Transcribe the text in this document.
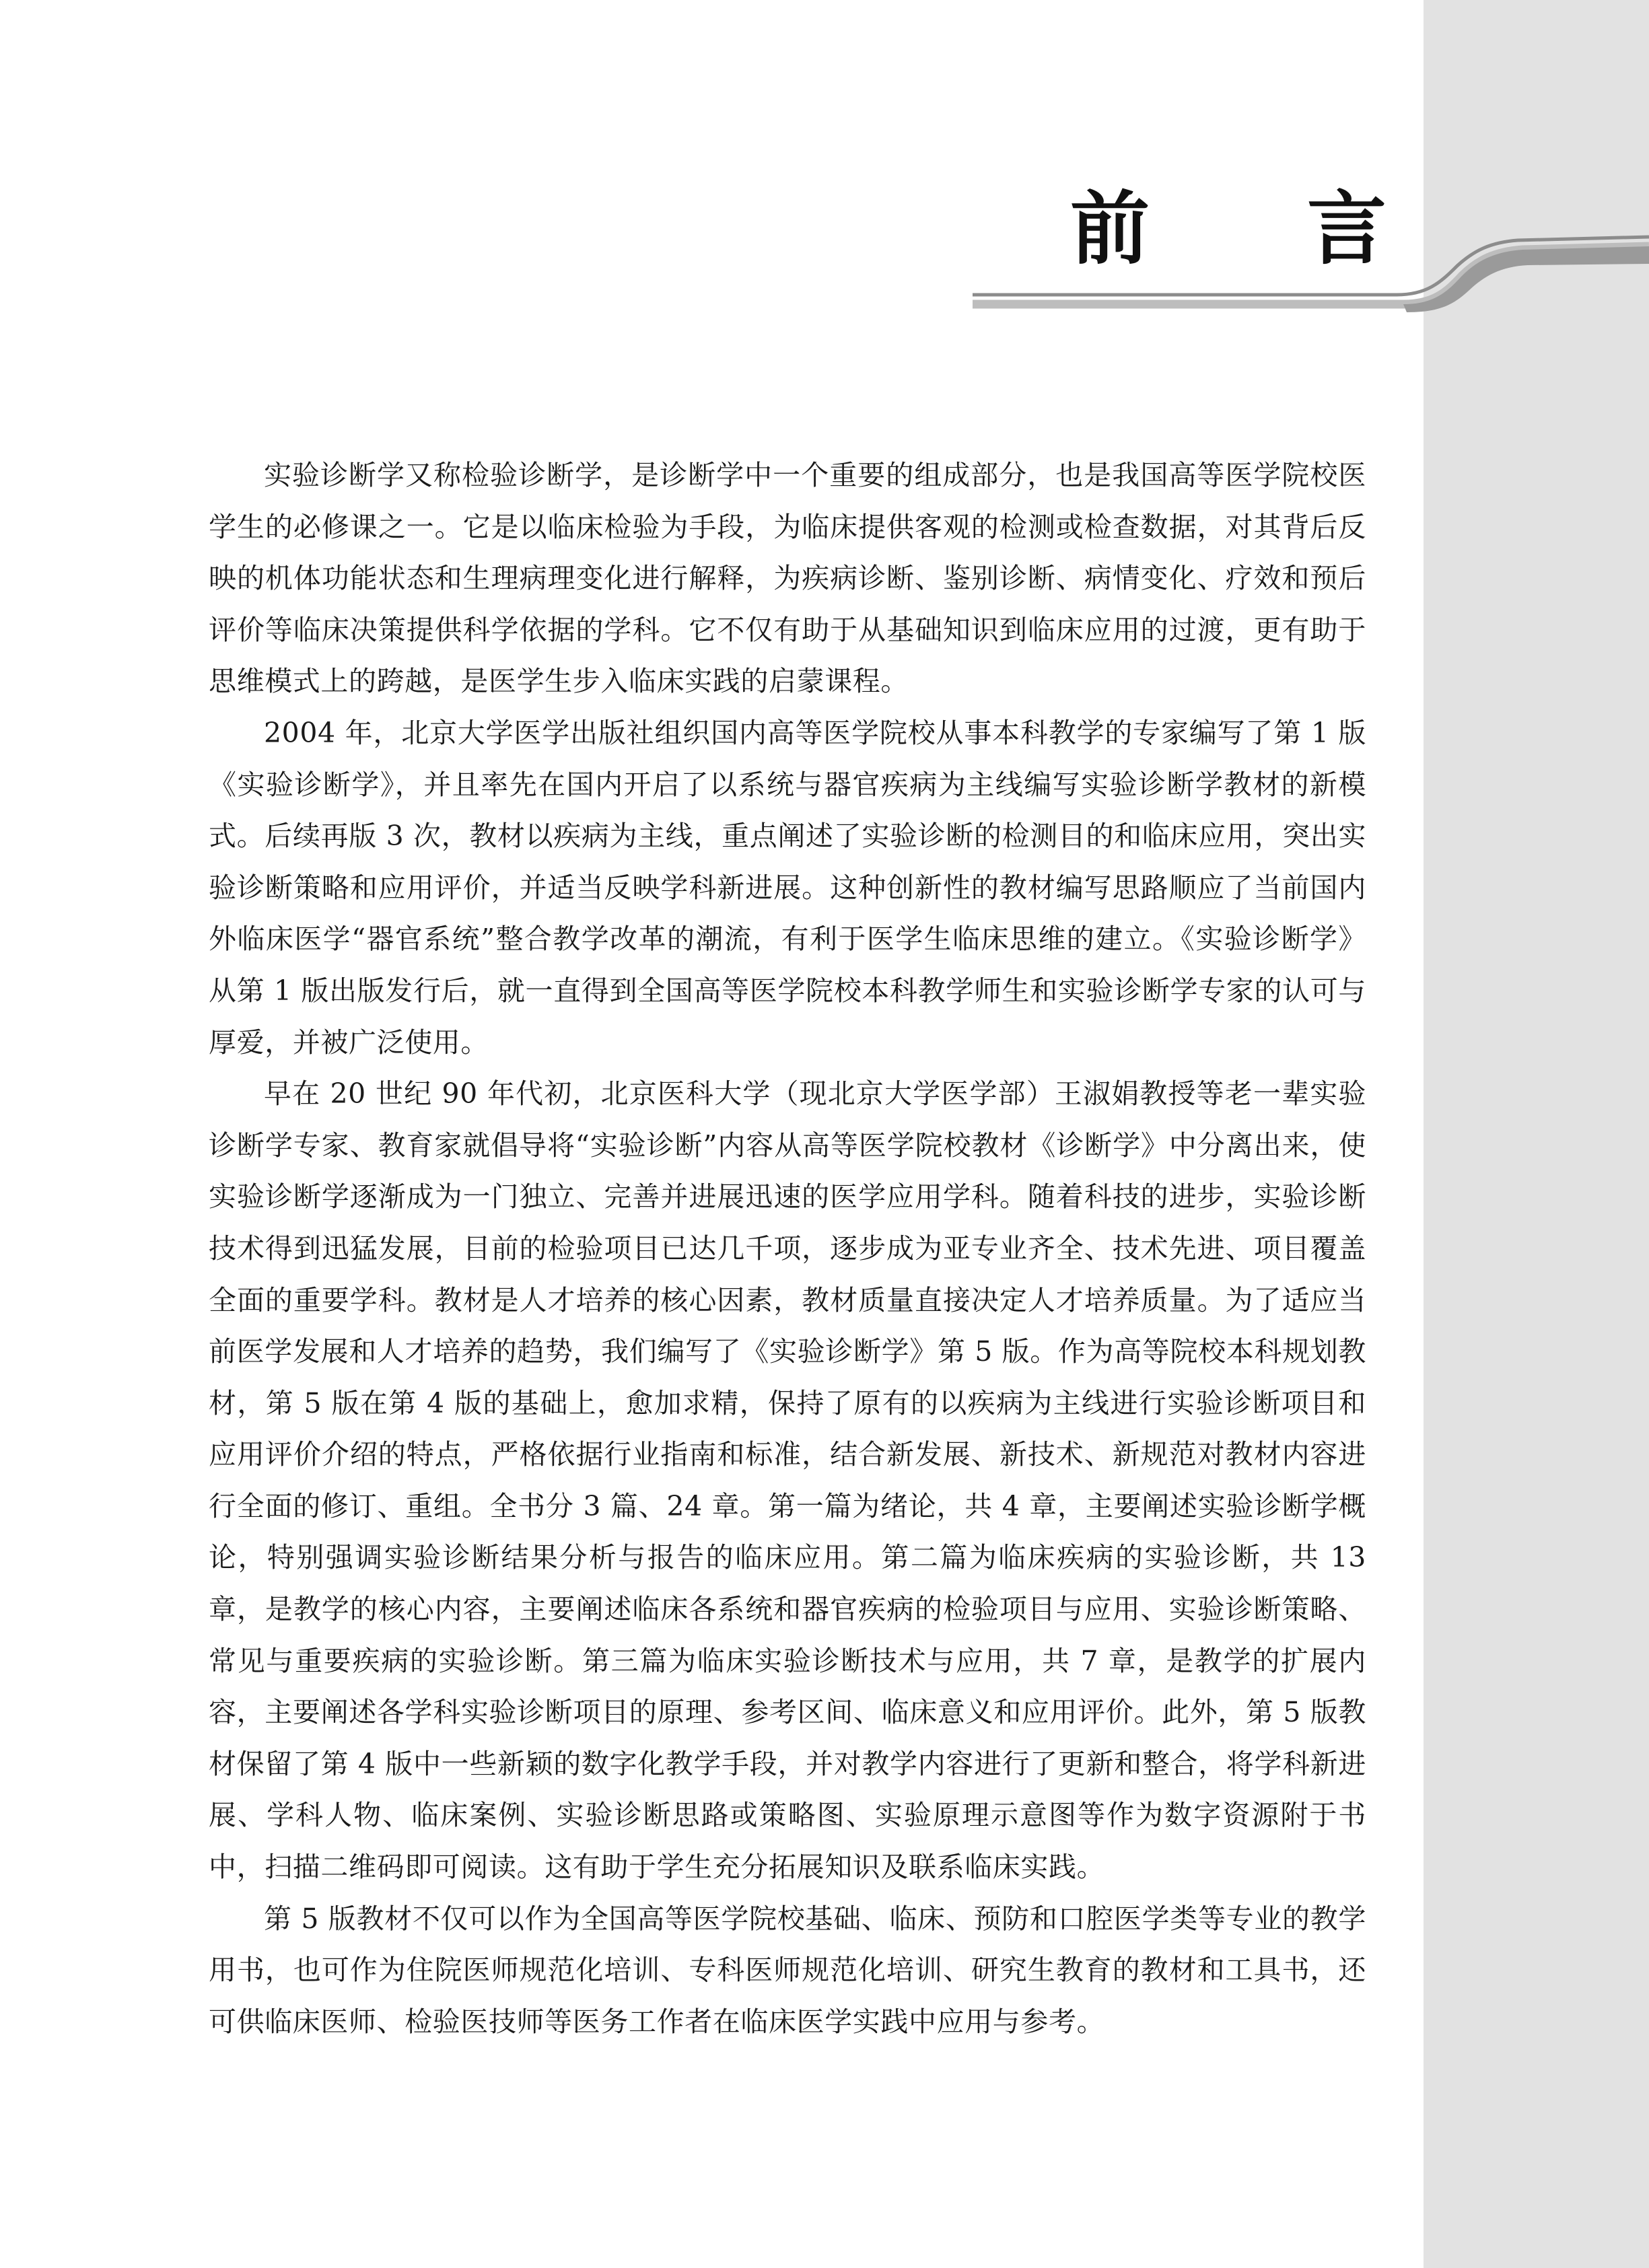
前 言

实验诊断学又称检验诊断学，是诊断学中一个重要的组成部分，也是我国高等医学院校医学生的必修课之一。它是以临床检验为手段，为临床提供客观的检测或检查数据，对其背后反映的机体功能状态和生理病理变化进行解释，为疾病诊断、鉴别诊断、病情变化、疗效和预后评价等临床决策提供科学依据的学科。它不仅有助于从基础知识到临床应用的过渡，更有助于思维模式上的跨越，是医学生步入临床实践的启蒙课程。

2004 年，北京大学医学出版社组织国内高等医学院校从事本科教学的专家编写了第 1 版《实验诊断学》，并且率先在国内开启了以系统与器官疾病为主线编写实验诊断学教材的新模式。后续再版 3 次，教材以疾病为主线，重点阐述了实验诊断的检测目的和临床应用，突出实验诊断策略和应用评价，并适当反映学科新进展。这种创新性的教材编写思路顺应了当前国内外临床医学“器官系统”整合教学改革的潮流，有利于医学生临床思维的建立。《实验诊断学》从第 1 版出版发行后，就一直得到全国高等医学院校本科教学师生和实验诊断学专家的认可与厚爱，并被广泛使用。

早在 20 世纪 90 年代初，北京医科大学（现北京大学医学部）王淑娟教授等老一辈实验诊断学专家、教育家就倡导将“实验诊断”内容从高等医学院校教材《诊断学》中分离出来，使实验诊断学逐渐成为一门独立、完善并进展迅速的医学应用学科。随着科技的进步，实验诊断技术得到迅猛发展，目前的检验项目已达几千项，逐步成为亚专业齐全、技术先进、项目覆盖全面的重要学科。教材是人才培养的核心因素，教材质量直接决定人才培养质量。为了适应当前医学发展和人才培养的趋势，我们编写了《实验诊断学》第 5 版。作为高等院校本科规划教材，第 5 版在第 4 版的基础上，愈加求精，保持了原有的以疾病为主线进行实验诊断项目和应用评价介绍的特点，严格依据行业指南和标准，结合新发展、新技术、新规范对教材内容进行全面的修订、重组。全书分 3 篇、24 章。第一篇为绪论，共 4 章，主要阐述实验诊断学概论，特别强调实验诊断结果分析与报告的临床应用。第二篇为临床疾病的实验诊断，共 13 章，是教学的核心内容，主要阐述临床各系统和器官疾病的检验项目与应用、实验诊断策略、常见与重要疾病的实验诊断。第三篇为临床实验诊断技术与应用，共 7 章，是教学的扩展内容，主要阐述各学科实验诊断项目的原理、参考区间、临床意义和应用评价。此外，第 5 版教材保留了第 4 版中一些新颖的数字化教学手段，并对教学内容进行了更新和整合，将学科新进展、学科人物、临床案例、实验诊断思路或策略图、实验原理示意图等作为数字资源附于书中，扫描二维码即可阅读。这有助于学生充分拓展知识及联系临床实践。

第 5 版教材不仅可以作为全国高等医学院校基础、临床、预防和口腔医学类等专业的教学用书，也可作为住院医师规范化培训、专科医师规范化培训、研究生教育的教材和工具书，还可供临床医师、检验医技师等医务工作者在临床医学实践中应用与参考。
